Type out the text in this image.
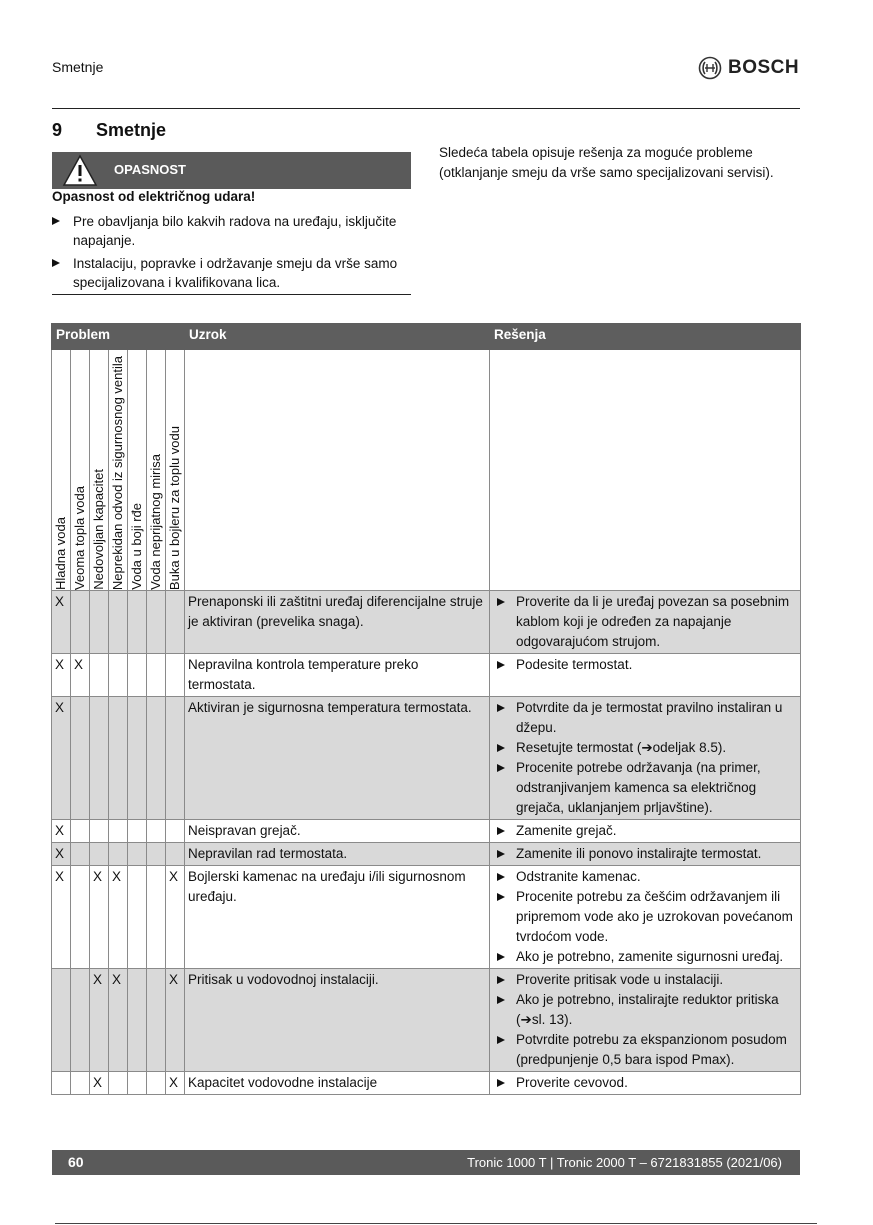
Smetnje	BOSCH
9 Smetnje
OPASNOST
Opasnost od električnog udara!
Pre obavljanja bilo kakvih radova na uređaju, isključite napajanje.
Instalaciju, popravke i održavanje smeju da vrše samo specijalizovana i kvalifikovana lica.
Sledeća tabela opisuje rešenja za moguće probleme (otklanjanje smeju da vrše samo specijalizovani servisi).
Problem							Uzrok	Rešenja

Hladna voda	Veoma topla voda	Nedovoljan kapacitet	Neprekidan odvod iz sigurnosnog ventila	Voda u boji rđe	Voda neprijatnog mirisa	Buka u bojleru za toplu vodu		

X							Prenaponski ili zaštitni uređaj diferencijalne struje je aktiviran (prevelika snaga).	Proverite da li je uređaj povezan sa posebnim kablom koji je određen za napajanje odgovarajućom strujom.

X	X						Nepravilna kontrola temperature preko termostata.	Podesite termostat.

X							Aktiviran je sigurnosna temperatura termostata.	Potvrdite da je termostat pravilno instaliran u džepu.
Resetujte termostat (➔odeljak 8.5).
Procenite potrebe održavanja (na primer, odstranjivanjem kamenca sa električnog grejača, uklanjanjem prljavštine).

X							Neispravan grejač.	Zamenite grejač.

X							Nepravilan rad termostata.	Zamenite ili ponovo instalirajte termostat.

X		X	X			X	Bojlerski kamenac na uređaju i/ili sigurnosnom uređaju.	Odstranite kamenac.
Procenite potrebu za češćim održavanjem ili pripremom vode ako je uzrokovan povećanom tvrdoćom vode.
Ako je potrebno, zamenite sigurnosni uređaj.

		X	X			X	Pritisak u vodovodnoj instalaciji.	Proverite pritisak vode u instalaciji.
Ako je potrebno, instalirajte reduktor pritiska (➔sl. 13).
Potvrdite potrebu za ekspanzionom posudom (predpunjenje 0,5 bara ispod Pmax).

		X				X	Kapacitet vodovodne instalacije	Proverite cevovod.
60	Tronic 1000 T | Tronic 2000 T – 6721831855 (2021/06)
